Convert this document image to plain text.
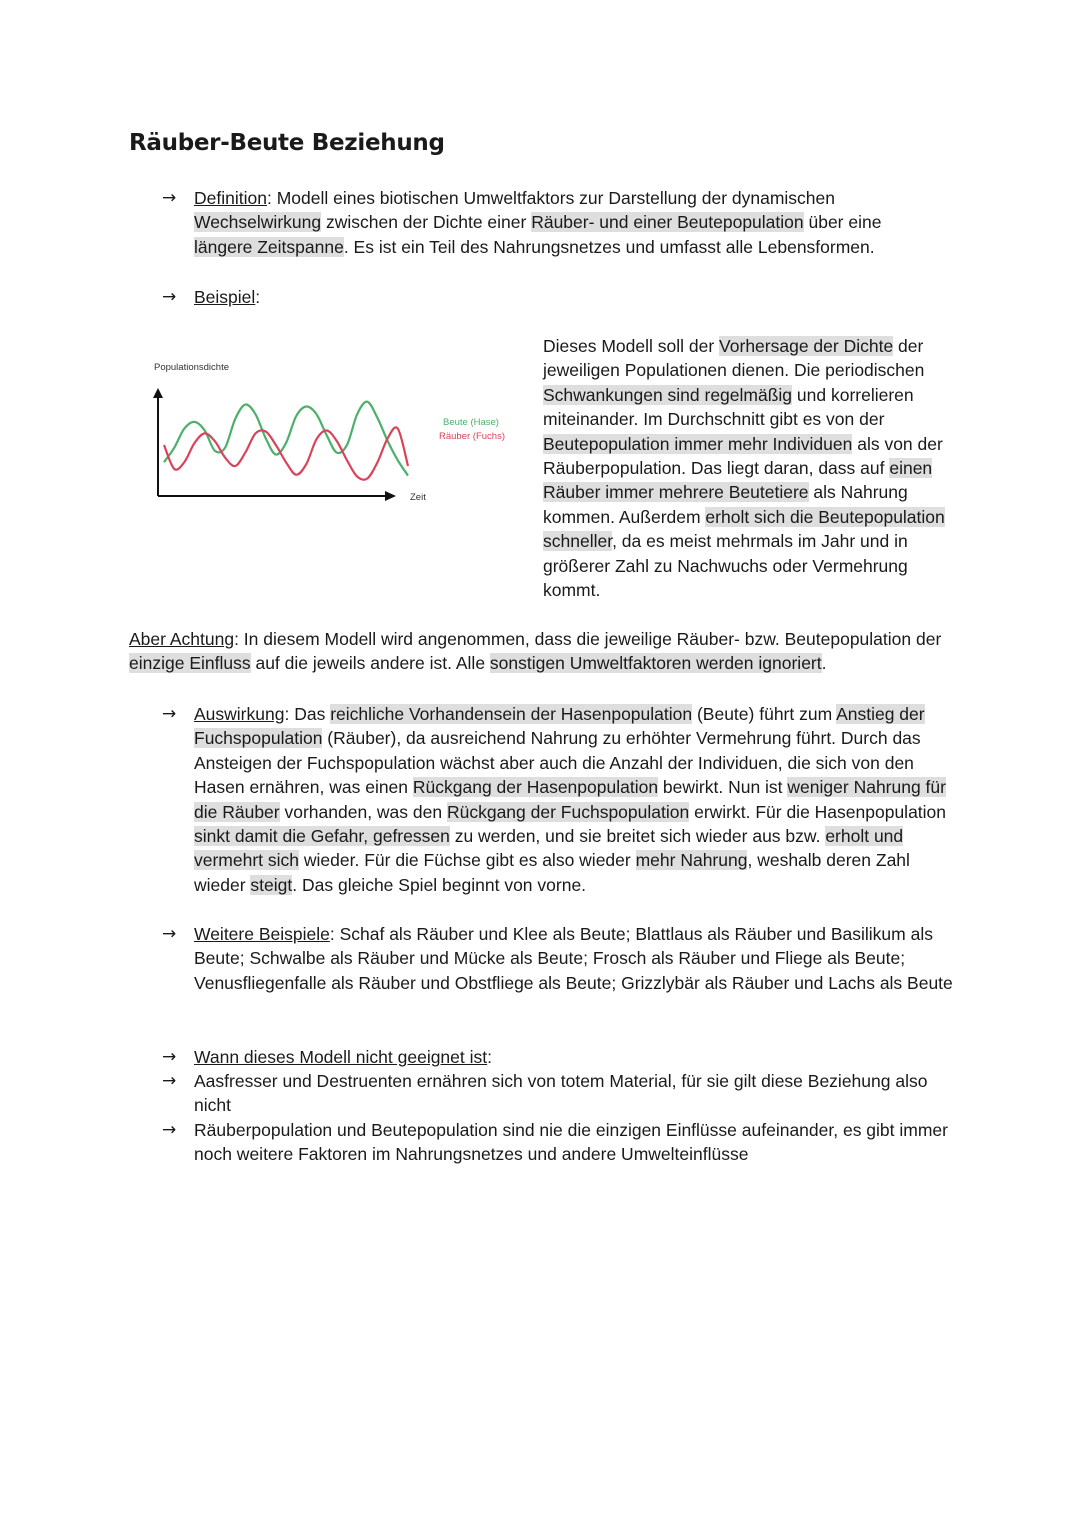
Räuber-Beute Beziehung
→ Definition: Modell eines biotischen Umweltfaktors zur Darstellung der dynamischen Wechselwirkung zwischen der Dichte einer Räuber- und einer Beutepopulation über eine längere Zeitspanne. Es ist ein Teil des Nahrungsnetzes und umfasst alle Lebensformen.
→ Beispiel:
Populationsdichte
Zeit
Beute (Hase)
Räuber (Fuchs)
Dieses Modell soll der Vorhersage der Dichte der jeweiligen Populationen dienen. Die periodischen Schwankungen sind regelmäßig und korrelieren miteinander. Im Durchschnitt gibt es von der Beutepopulation immer mehr Individuen als von der Räuberpopulation. Das liegt daran, dass auf einen Räuber immer mehrere Beutetiere als Nahrung kommen. Außerdem erholt sich die Beutepopulation schneller, da es meist mehrmals im Jahr und in größerer Zahl zu Nachwuchs oder Vermehrung kommt.
Aber Achtung: In diesem Modell wird angenommen, dass die jeweilige Räuber- bzw. Beutepopulation der einzige Einfluss auf die jeweils andere ist. Alle sonstigen Umweltfaktoren werden ignoriert.
→ Auswirkung: Das reichliche Vorhandensein der Hasenpopulation (Beute) führt zum Anstieg der Fuchspopulation (Räuber), da ausreichend Nahrung zu erhöhter Vermehrung führt. Durch das Ansteigen der Fuchspopulation wächst aber auch die Anzahl der Individuen, die sich von den Hasen ernähren, was einen Rückgang der Hasenpopulation bewirkt. Nun ist weniger Nahrung für die Räuber vorhanden, was den Rückgang der Fuchspopulation erwirkt. Für die Hasenpopulation sinkt damit die Gefahr, gefressen zu werden, und sie breitet sich wieder aus bzw. erholt und vermehrt sich wieder. Für die Füchse gibt es also wieder mehr Nahrung, weshalb deren Zahl wieder steigt. Das gleiche Spiel beginnt von vorne.
→ Weitere Beispiele: Schaf als Räuber und Klee als Beute; Blattlaus als Räuber und Basilikum als Beute; Schwalbe als Räuber und Mücke als Beute; Frosch als Räuber und Fliege als Beute; Venusfliegenfalle als Räuber und Obstfliege als Beute; Grizzlybär als Räuber und Lachs als Beute
→ Wann dieses Modell nicht geeignet ist:
→ Aasfresser und Destruenten ernähren sich von totem Material, für sie gilt diese Beziehung also nicht
→ Räuberpopulation und Beutepopulation sind nie die einzigen Einflüsse aufeinander, es gibt immer noch weitere Faktoren im Nahrungsnetzes und andere Umwelteinflüsse
